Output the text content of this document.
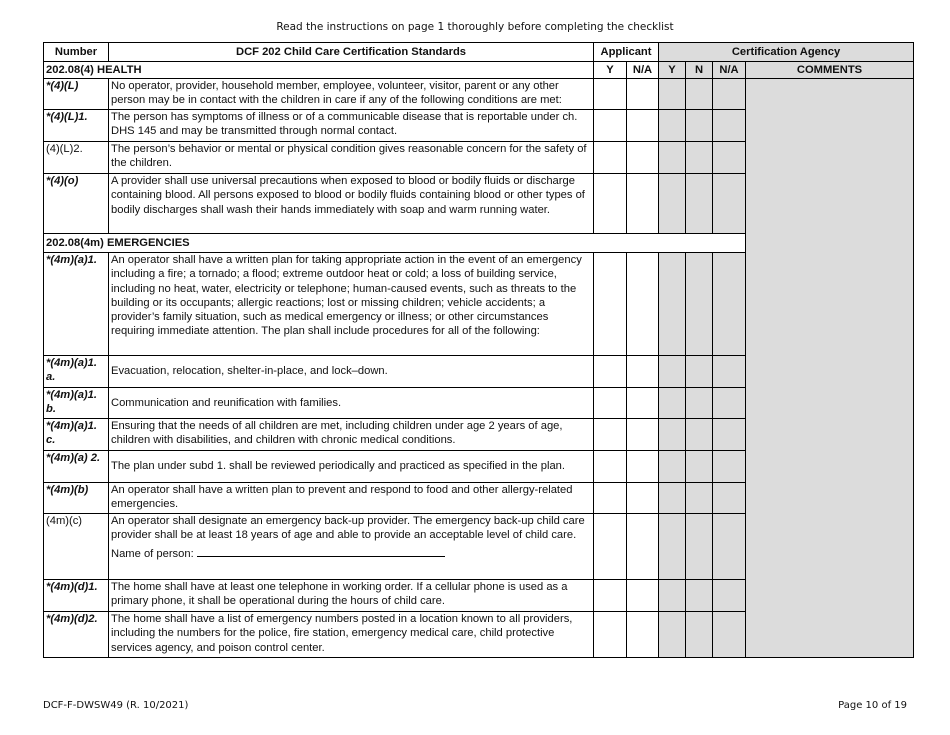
Read the instructions on page 1 thoroughly before completing the checklist
Number	DCF 202 Child Care Certification Standards	Applicant		Certification Agency			
202.08(4) HEALTH		Y	N/A	Y	N	N/A	COMMENTS
*(4)(L)	No operator, provider, household member, employee, volunteer, visitor, parent or any other person may be in contact with the children in care if any of the following conditions are met:						
*(4)(L)1.	The person has symptoms of illness or of a communicable disease that is reportable under ch. DHS 145 and may be transmitted through normal contact.						
(4)(L)2.	The person’s behavior or mental or physical condition gives reasonable concern for the safety of the children.						
*(4)(o)	A provider shall use universal precautions when exposed to blood or bodily fluids or discharge containing blood. All persons exposed to blood or bodily fluids containing blood or other types of bodily discharges shall wash their hands immediately with soap and warm running water.						
202.08(4m) EMERGENCIES							
*(4m)(a)1.	An operator shall have a written plan for taking appropriate action in the event of an emergency including a fire; a tornado; a flood; extreme outdoor heat or cold; a loss of building service, including no heat, water, electricity or telephone; human-caused events, such as threats to the building or its occupants; allergic reactions; lost or missing children; vehicle accidents; a provider’s family situation, such as medical emergency or illness; or other circumstances requiring immediate attention. The plan shall include procedures for all of the following:						
*(4m)(a)1. a.	Evacuation, relocation, shelter-in-place, and lock–down.						
*(4m)(a)1. b.	Communication and reunification with families.						
*(4m)(a)1. c.	Ensuring that the needs of all children are met, including children under age 2 years of age, children with disabilities, and children with chronic medical conditions.						
*(4m)(a) 2.	The plan under subd 1. shall be reviewed periodically and practiced as specified in the plan.						
*(4m)(b)	An operator shall have a written plan to prevent and respond to food and other allergy-related emergencies.						
(4m)(c)	An operator shall designate an emergency back-up provider. The emergency back-up child care provider shall be at least 18 years of age and able to provide an acceptable level of child care.
Name of person:						

*(4m)(d)1.	The home shall have at least one telephone in working order. If a cellular phone is used as a primary phone, it shall be operational during the hours of child care.						
*(4m)(d)2.	The home shall have a list of emergency numbers posted in a location known to all providers, including the numbers for the police, fire station, emergency medical care, child protective services agency, and poison control center.						
DCF-F-DWSW49 (R. 10/2021)	Page 10 of 19
